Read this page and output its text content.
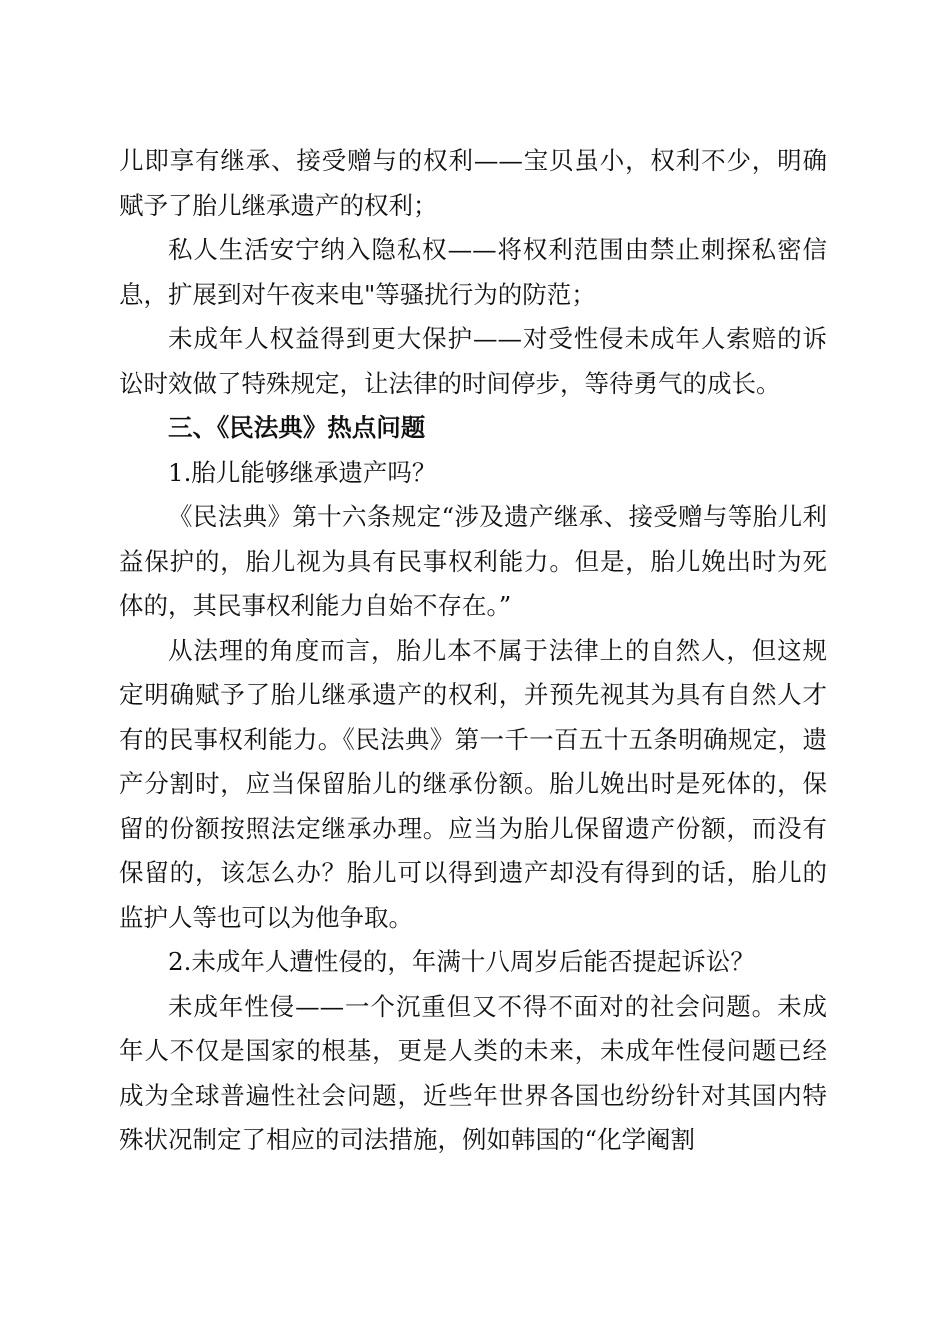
儿即享有继承、接受赠与的权利——宝贝虽小，权利不少，明确赋予了胎儿继承遗产的权利；

私人生活安宁纳入隐私权——将权利范围由禁止刺探私密信息，扩展到对午夜来电"等骚扰行为的防范；

未成年人权益得到更大保护——对受性侵未成年人索赔的诉讼时效做了特殊规定，让法律的时间停步，等待勇气的成长。

三、《民法典》热点问题

1.胎儿能够继承遗产吗？

《民法典》第十六条规定“涉及遗产继承、接受赠与等胎儿利益保护的，胎儿视为具有民事权利能力。但是，胎儿娩出时为死体的，其民事权利能力自始不存在。”

从法理的角度而言，胎儿本不属于法律上的自然人，但这规定明确赋予了胎儿继承遗产的权利，并预先视其为具有自然人才有的民事权利能力。《民法典》第一千一百五十五条明确规定，遗产分割时，应当保留胎儿的继承份额。胎儿娩出时是死体的，保留的份额按照法定继承办理。应当为胎儿保留遗产份额，而没有保留的，该怎么办？胎儿可以得到遗产却没有得到的话，胎儿的监护人等也可以为他争取。

2.未成年人遭性侵的，年满十八周岁后能否提起诉讼？

未成年性侵——一个沉重但又不得不面对的社会问题。未成年人不仅是国家的根基，更是人类的未来，未成年性侵问题已经成为全球普遍性社会问题，近些年世界各国也纷纷针对其国内特殊状况制定了相应的司法措施，例如韩国的“化学阉割
